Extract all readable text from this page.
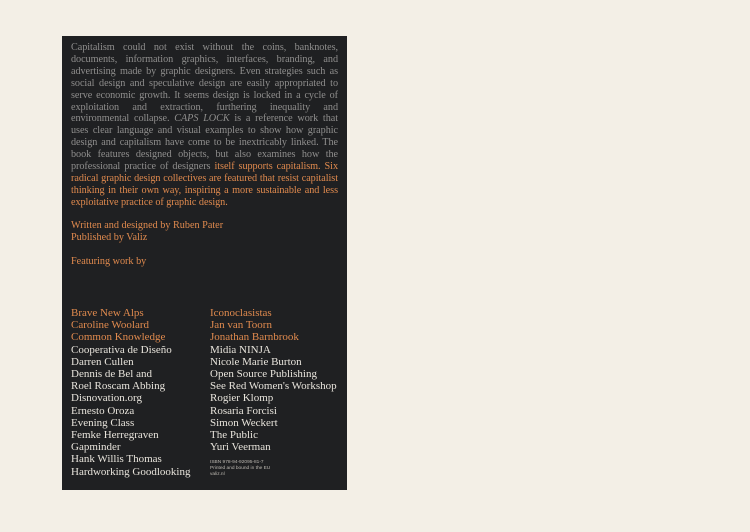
Capitalism could not exist without the coins, banknotes, documents, information graphics, interfaces, branding, and advertising made by graphic designers. Even strategies such as social design and speculative design are easily appropriated to serve economic growth. It seems design is locked in a cycle of exploitation and extraction, furthering inequality and environmental collapse. CAPS LOCK is a reference work that uses clear language and visual examples to show how graphic design and capitalism have come to be inextricably linked. The book features designed objects, but also examines how the professional practice of designers itself supports capitalism. Six radical graphic design collectives are featured that resist capitalist thinking in their own way, inspiring a more sustainable and less exploitative practice of graphic design.

Written and designed by Ruben Pater
Published by Valiz
Featuring work by
Brave New Alps
Caroline Woolard
Common Knowledge
Cooperativa de Diseño
Darren Cullen
Dennis de Bel and
Roel Roscam Abbing
Disnovation.org
Ernesto Oroza
Evening Class
Femke Herregraven
Gapminder
Hank Willis Thomas
Hardworking Goodlooking
Iconoclasistas
Jan van Toorn
Jonathan Barnbrook
Midia NINJA
Nicole Marie Burton
Open Source Publishing
See Red Women's Workshop
Rogier Klomp
Rosaria Forcisi
Simon Weckert
The Public
Yuri Veerman
ISBN 978-94-92095-81-7
Printed and bound in the EU
valiz.nl
